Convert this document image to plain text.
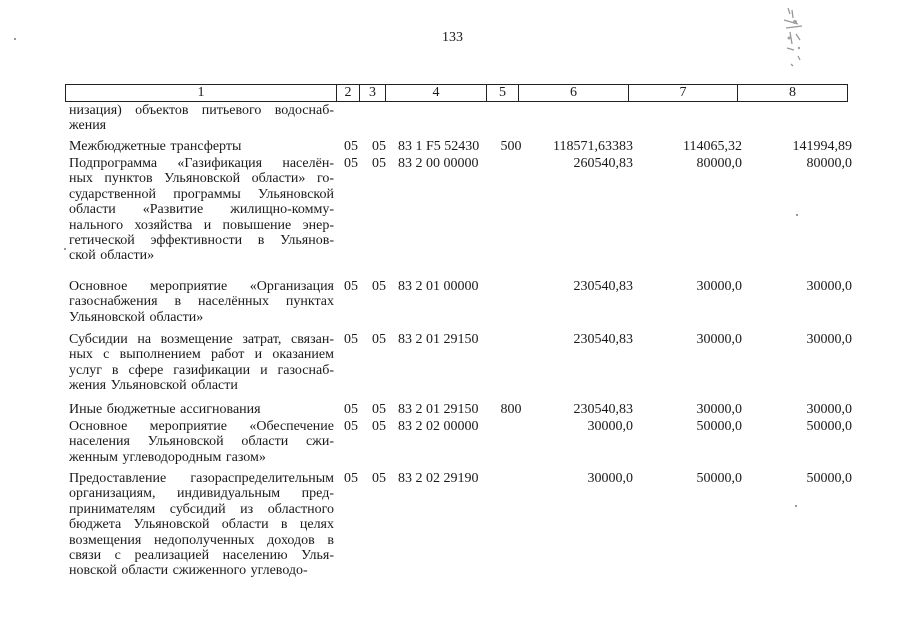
133
1	2	3	4	5	6	7	8
низация) объектов питьевого водоснаб-
жения
Межбюджетные трансферты	05 05 83 1 F5 52430	500 118571,63383	114065,32	141994,89
Подпрограмма «Газификация населён-
ных пунктов Ульяновской области» го-
сударственной программы Ульяновской
области «Развитие жилищно-комму-
нального хозяйства и повышение энер-
гетической эффективности в Ульянов-
ской области»
05 05 83 2 00 00000	260540,83	80000,0	80000,0
Основное мероприятие «Организация
газоснабжения в населённых пунктах
Ульяновской области»
05 05 83 2 01 00000	230540,83	30000,0	30000,0
Субсидии на возмещение затрат, связан-
ных с выполнением работ и оказанием
услуг в сфере газификации и газоснаб-
жения Ульяновской области
05 05 83 2 01 29150	230540,83	30000,0	30000,0
Иные бюджетные ассигнования	05 05 83 2 01 29150	800	230540,83	30000,0	30000,0
Основное мероприятие «Обеспечение
населения Ульяновской области сжи-
женным углеводородным газом»
05 05 83 2 02 00000	30000,0	50000,0	50000,0
Предоставление газораспределительным
организациям, индивидуальным пред-
принимателям субсидий из областного
бюджета Ульяновской области в целях
возмещения недополученных доходов в
связи с реализацией населению Улья-
новской области сжиженного углеводо-
05 05 83 2 02 29190	30000,0	50000,0	50000,0
